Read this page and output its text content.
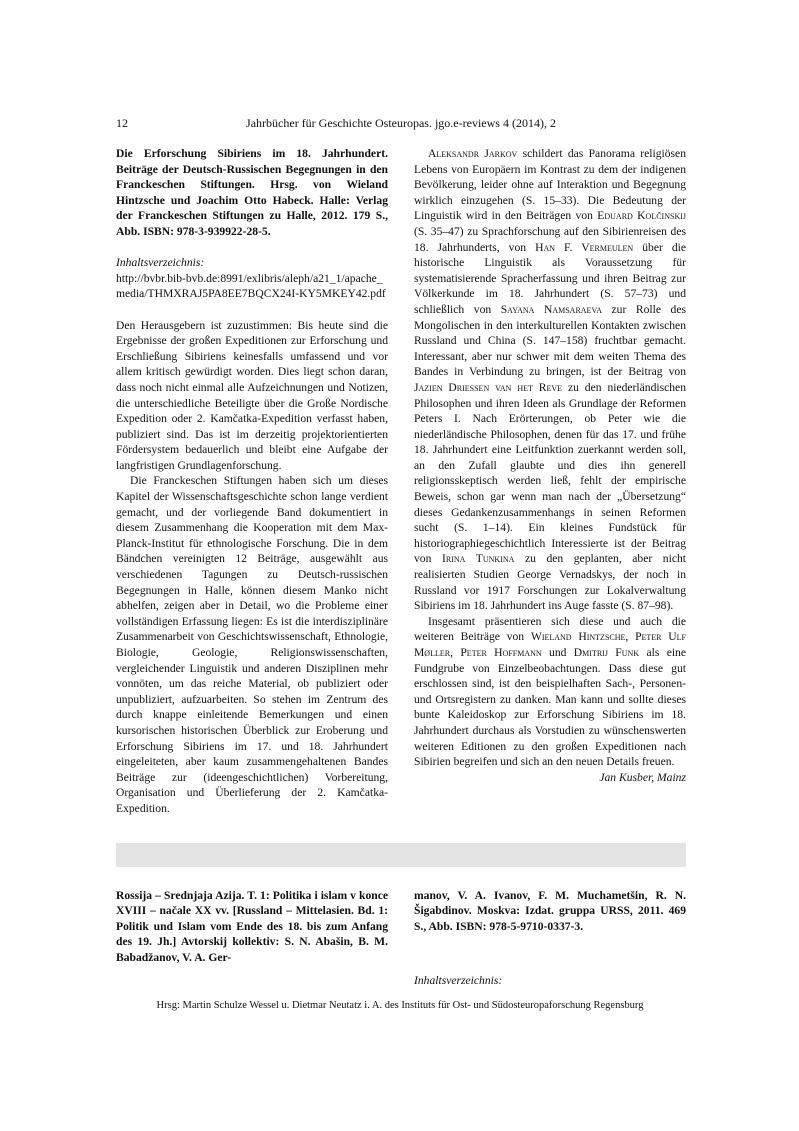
12	Jahrbücher für Geschichte Osteuropas. jgo.e-reviews 4 (2014), 2

Die Erforschung Sibiriens im 18. Jahrhundert. Beiträge der Deutsch-Russischen Begegnungen in den Franckeschen Stiftungen. Hrsg. von Wieland Hintzsche und Joachim Otto Habeck. Halle: Verlag der Franckeschen Stiftungen zu Halle, 2012. 179 S., Abb. ISBN: 978-3-939922-28-5.

Inhaltsverzeichnis:

http://bvbr.bib-bvb.de:8991/exlibris/aleph/a21_1/apache_media/THMXRAJ5PA8EE7BQCX24I-KY5MKEY42.pdf

Den Herausgebern ist zuzustimmen: Bis heute sind die Ergebnisse der großen Expeditionen zur Erforschung und Erschließung Sibiriens keinesfalls umfassend und vor allem kritisch gewürdigt worden. Dies liegt schon daran, dass noch nicht einmal alle Aufzeichnungen und Notizen, die unterschiedliche Beteiligte über die Große Nordische Expedition oder 2. Kamčatka-Expedition verfasst haben, publiziert sind. Das ist im derzeitig projektorientierten Fördersystem bedauerlich und bleibt eine Aufgabe der langfristigen Grundlagenforschung.

Die Franckeschen Stiftungen haben sich um dieses Kapitel der Wissenschaftsgeschichte schon lange verdient gemacht, und der vorliegende Band dokumentiert in diesem Zusammenhang die Kooperation mit dem Max-Planck-Institut für ethnologische Forschung. Die in dem Bändchen vereinigten 12 Beiträge, ausgewählt aus verschiedenen Tagungen zu Deutsch-russischen Begegnungen in Halle, können diesem Manko nicht abhelfen, zeigen aber in Detail, wo die Probleme einer vollständigen Erfassung liegen: Es ist die interdisziplinäre Zusammenarbeit von Geschichtswissenschaft, Ethnologie, Biologie, Geologie, Religionswissenschaften, vergleichender Linguistik und anderen Disziplinen mehr vonnöten, um das reiche Material, ob publiziert oder unpubliziert, aufzuarbeiten. So stehen im Zentrum des durch knappe einleitende Bemerkungen und einen kursorischen historischen Überblick zur Eroberung und Erforschung Sibiriens im 17. und 18. Jahrhundert eingeleiteten, aber kaum zusammengehaltenen Bandes Beiträge zur (ideengeschichtlichen) Vorbereitung, Organisation und Überlieferung der 2. Kamčatka-Expedition.

Aleksandr Jarkov schildert das Panorama religiösen Lebens von Europäern im Kontrast zu dem der indigenen Bevölkerung, leider ohne auf Interaktion und Begegnung wirklich einzugehen (S. 15–33). Die Bedeutung der Linguistik wird in den Beiträgen von Eduard Kolčinskij (S. 35–47) zu Sprachforschung auf den Sibirienreisen des 18. Jahrhunderts, von Han F. Vermeulen über die historische Linguistik als Voraussetzung für systematisierende Spracherfassung und ihren Beitrag zur Völkerkunde im 18. Jahrhundert (S. 57–73) und schließlich von Sayana Namsaraeva zur Rolle des Mongolischen in den interkulturellen Kontakten zwischen Russland und China (S. 147–158) fruchtbar gemacht. Interessant, aber nur schwer mit dem weiten Thema des Bandes in Verbindung zu bringen, ist der Beitrag von Jazien Driessen van het Reve zu den niederländischen Philosophen und ihren Ideen als Grundlage der Reformen Peters I. Nach Erörterungen, ob Peter wie die niederländische Philosophen, denen für das 17. und frühe 18. Jahrhundert eine Leitfunktion zuerkannt werden soll, an den Zufall glaubte und dies ihn generell religionsskeptisch werden ließ, fehlt der empirische Beweis, schon gar wenn man nach der „Übersetzung“ dieses Gedankenzusammenhangs in seinen Reformen sucht (S. 1–14). Ein kleines Fundstück für historiographiegeschichtlich Interessierte ist der Beitrag von Irina Tunkina zu den geplanten, aber nicht realisierten Studien George Vernadskys, der noch in Russland vor 1917 Forschungen zur Lokalverwaltung Sibiriens im 18. Jahrhundert ins Auge fasste (S. 87–98).

Insgesamt präsentieren sich diese und auch die weiteren Beiträge von Wieland Hintzsche, Peter Ulf Møller, Peter Hoffmann und Dmitrij Funk als eine Fundgrube von Einzelbeobachtungen. Dass diese gut erschlossen sind, ist den beispielhaften Sach-, Personen- und Ortsregistern zu danken. Man kann und sollte dieses bunte Kaleidoskop zur Erforschung Sibiriens im 18. Jahrhundert durchaus als Vorstudien zu wünschenswerten weiteren Editionen zu den großen Expeditionen nach Sibirien begreifen und sich an den neuen Details freuen.

Jan Kusber, Mainz

Rossija – Srednjaja Azija. T. 1: Politika i islam v konce XVIII – načale XX vv. [Russland – Mittelasien. Bd. 1: Politik und Islam vom Ende des 18. bis zum Anfang des 19. Jh.] Avtorskij kollektiv: S. N. Abašin, B. M. Babadžanov, V. A. Ger-

manov, V. A. Ivanov, F. M. Muchametšin, R. N. Šigabdinov. Moskva: Izdat. gruppa URSS, 2011. 469 S., Abb. ISBN: 978-5-9710-0337-3.

Inhaltsverzeichnis:

Hrsg: Martin Schulze Wessel u. Dietmar Neutatz i. A. des Instituts für Ost- und Südosteuropaforschung Regensburg
